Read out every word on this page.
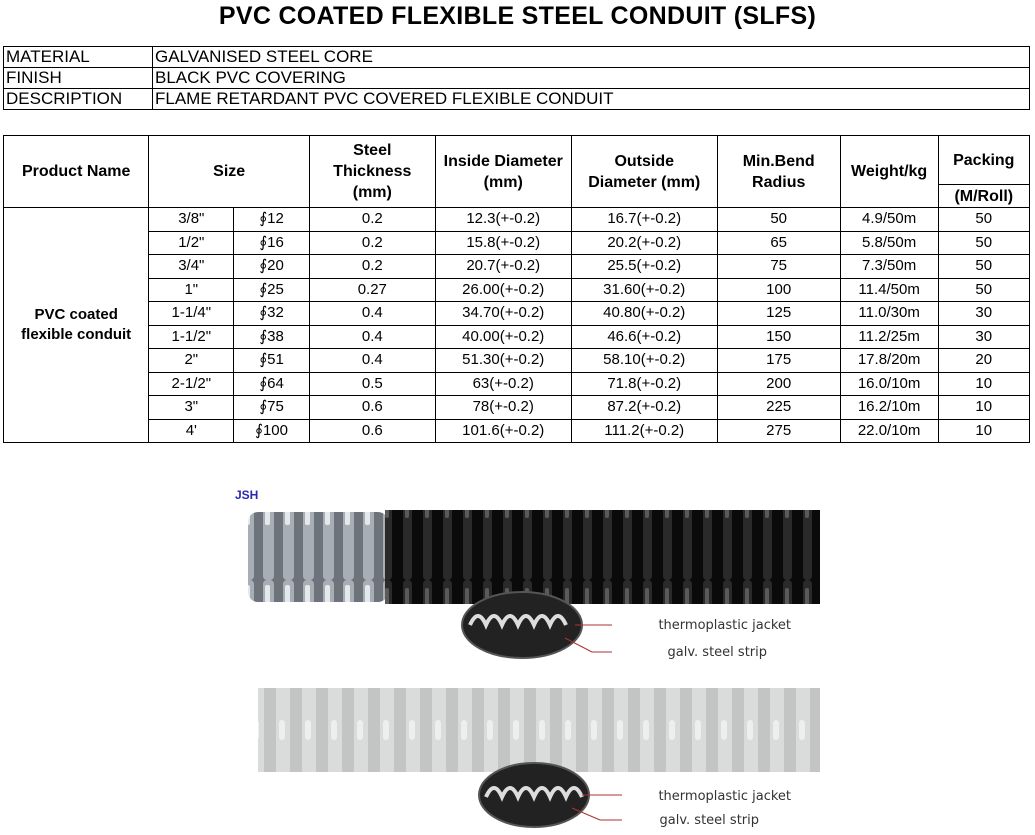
PVC COATED FLEXIBLE STEEL CONDUIT (SLFS)
MATERIAL	GALVANISED STEEL CORE
FINISH	BLACK PVC COVERING
DESCRIPTION	FLAME RETARDANT PVC COVERED FLEXIBLE CONDUIT
Product Name	Size		Steel Thickness (mm)	Inside Diameter (mm)	Outside Diameter (mm)	Min.Bend Radius	Weight/kg	Packing
								(M/Roll)
PVC coated flexible conduit	3/8"	∮12	0.2	12.3(+-0.2)	16.7(+-0.2)	50	4.9/50m	50
	1/2"	∮16	0.2	15.8(+-0.2)	20.2(+-0.2)	65	5.8/50m	50
	3/4"	∮20	0.2	20.7(+-0.2)	25.5(+-0.2)	75	7.3/50m	50
	1"	∮25	0.27	26.00(+-0.2)	31.60(+-0.2)	100	11.4/50m	50
	1-1/4"	∮32	0.4	34.70(+-0.2)	40.80(+-0.2)	125	11.0/30m	30
	1-1/2"	∮38	0.4	40.00(+-0.2)	46.6(+-0.2)	150	11.2/25m	30
	2"	∮51	0.4	51.30(+-0.2)	58.10(+-0.2)	175	17.8/20m	20
	2-1/2"	∮64	0.5	63(+-0.2)	71.8(+-0.2)	200	16.0/10m	10
	3"	∮75	0.6	78(+-0.2)	87.2(+-0.2)	225	16.2/10m	10
	4'	∮100	0.6	101.6(+-0.2)	111.2(+-0.2)	275	22.0/10m	10
JSH
thermoplastic jacket
galv. steel strip
thermoplastic jacket
galv. steel strip
